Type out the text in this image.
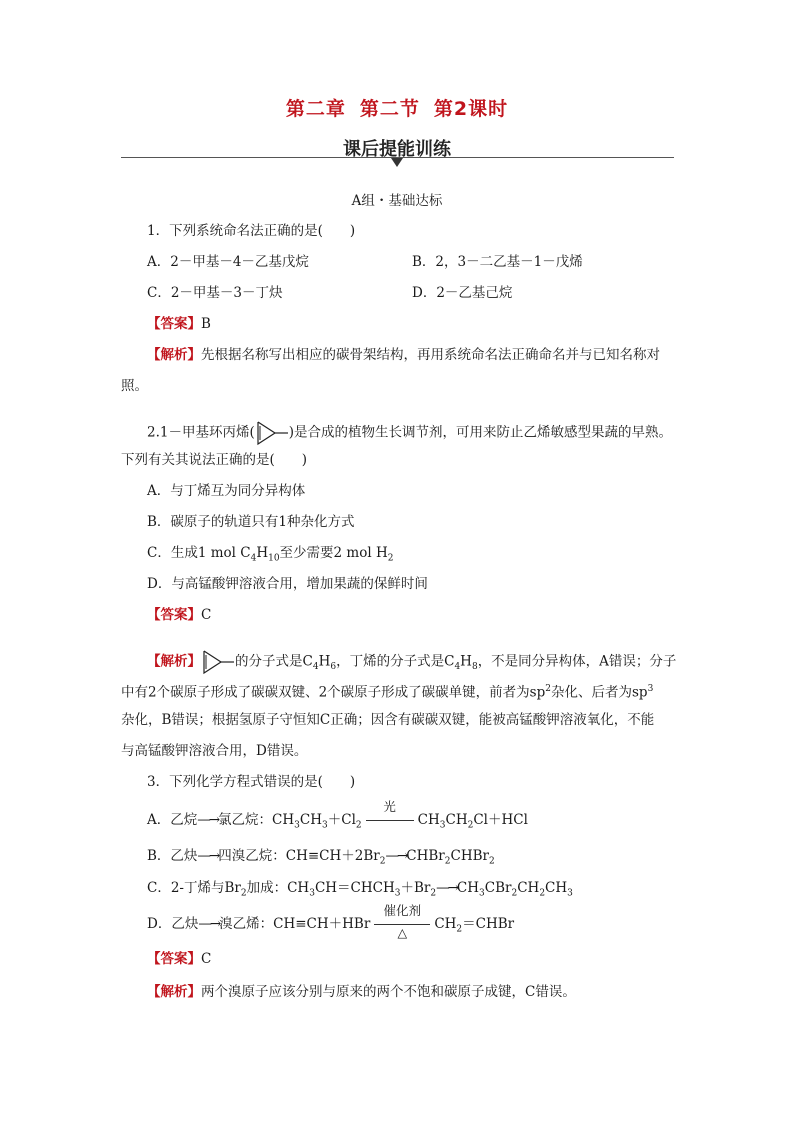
第二章 第二节 第2课时
课后提能训练
A组・基础达标
1．下列系统命名法正确的是(　　)
A．2－甲基－4－乙基戊烷	B．2，3－二乙基－1－戊烯
C．2－甲基－3－丁炔	D．2－乙基己烷
【答案】B
【解析】先根据名称写出相应的碳骨架结构，再用系统命名法正确命名并与已知名称对
照。
2.1－甲基环丙烯(	)是合成的植物生长调节剂，可用来防止乙烯敏感型果蔬的早熟。
下列有关其说法正确的是(　　)
A．与丁烯互为同分异构体
B．碳原子的轨道只有1种杂化方式
C．生成1 mol $C_4H_{10}$至少需要2 mol $H_2$
D．与高锰酸钾溶液合用，增加果蔬的保鲜时间
【答案】C
【解析】	的分子式是$C_4H_6$，丁烯的分子式是$C_4H_8$，不是同分异构体，A错误；分子
中有2个碳原子形成了碳碳双键、2个碳原子形成了碳碳单键，前者为$sp^2$杂化、后者为$sp^3$
杂化，B错误；根据氢原子守恒知C正确；因含有碳碳双键，能被高锰酸钾溶液氧化，不能
与高锰酸钾溶液合用，D错误。
3．下列化学方程式错误的是(　　)
A．乙烷—→氯乙烷：$CH_3CH_3+Cl_2$
光
$CH_3CH_2Cl+HCl$
B．乙炔—→四溴乙烷：$CH\equiv CH+2Br_2—\to CHBr_2CHBr_2$
C．2-丁烯与$Br_2$加成：$CH_3CH=CHCH_3+Br_2—\to CH_3CBr_2CH_2CH_3$
D．乙炔—→溴乙烯：CH≡CH＋HBr
催化剂
△	$CH_2=CHBr$
【答案】C
【解析】两个溴原子应该分别与原来的两个不饱和碳原子成键，C错误。
